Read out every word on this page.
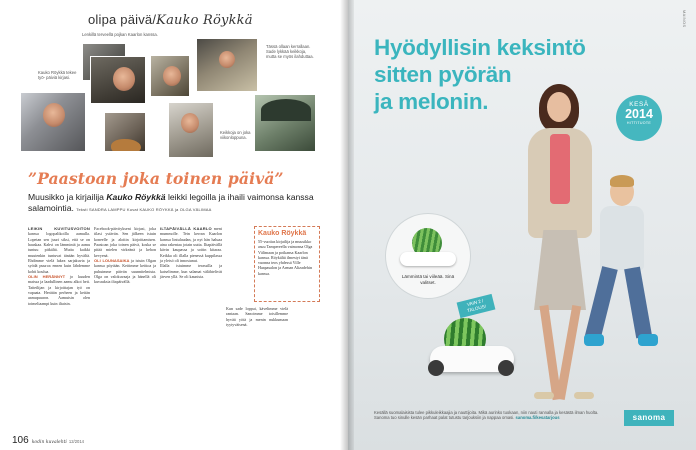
olipa päivä/Kauko Röykkä
Lenkillä terveellä pojkan Kaarlon kanssa.
Kauko Röykkä tekee työ- päiviä kirjasi.
Tässä ollaan kerrallaan. Sade lykkää keikkoja, mutta se myös ilahduttaa.
Keikkoja on joka viikonloppuna.
”Paastoan joka toinen päivä”
Muusikko ja kirjailija Kauko Röykkä leikki legoilla ja ihaili vaimonsa kanssa salamointia. Teksti SANDRA LAMPPU Kuvat KAUKO RÖYKKÄ ja OLGA VÄLIMAA
LEIKIN KUVITUSVOITON kanssa logopalikoilla aamulla. Lopetan sen juuri siksi, että se on hauskaa. Kahvi on lämmintä ja aamu tuntuu pitkältä. Mutta kaikki muutenkin tuntuvat tänään hyvältä. Ehdimme vielä lukea sarjakuvia ja syödä puuroa ennen kuin lähdemme kohti koulua.
OLIN HERÄNNYT jo kuuden maissa ja laadullinen aamu alkoi heti. Taiteilijan ja kirjoittajan työ on vapaata. Herätän perheen ja keitän aamupuuron. Aamuisin olen toimeliaampi kuin iltaisin.
Facebook-päivitykseni kirjasi, joka tilasi ystävän. Sen jälkeen istuin koneelle ja aloitin kirjoittamisen. Paastoan joka toinen päivä, koska se pitää mielen virkeänä ja kehon kevyenä.
OLI LOUNASAIKA ja istuin Olgan kanssa pöytään. Keitimme keittoa ja puhuimme päivän suunnitelmista. Olga on valokuvaaja ja hänellä oli kuvauksia iltapäivällä.
ILTAPÄIVÄLLÄ KAARLO meni mummolle. Tein kerran Kaarlon kanssa lintulaudan, ja nyt hän haluaa aina rakentaa jotain uutta. Iltapäivällä kävin kaupassa ja soitin kitaraa. Keikka oli illalla pienessä kuppilassa ja yleisö oli innostunut.
Illalla istuimme terassilla ja katselimme, kun salamat välähtelivät järven yllä. Se oli kaunista.
Kun sade loppui, kävelimme vielä rantaan. Sanoimme toisillemme hyvää yötä ja menin nukkumaan tyytyväisenä.
Kauko Röykkä
55-vuotias kirjailija ja muusikko asuu Tampereella vaimonsa Olga Välimaan ja poikansa Kaarlon kanssa. Röykältä ilmestyi tänä vuonna teos yhdessä Ville Haapasalon ja Arman Alizadehin kanssa.
106 kodin kuvalehti 12/2014
MAINOS
Hyödyllisin keksintö
sitten pyörän
ja melonin.	KESÄ
2014
HITTITUOTE
Lämmintä tai viileää. Sinä valitset.
VAIN 2 / TALOUS!
Kesällä suomalaisista tulee pikkuleikkaajia ja nauttijoita. Mikä aurinko tuokaan, niin nauti rannalla ja kesästä ilman huolta. Sanoma tuo sinulle kesän parhaat palat tutustu tarjouksiin ja nappaa omasi. sanoma.fi/kesatarjous	sanoma
